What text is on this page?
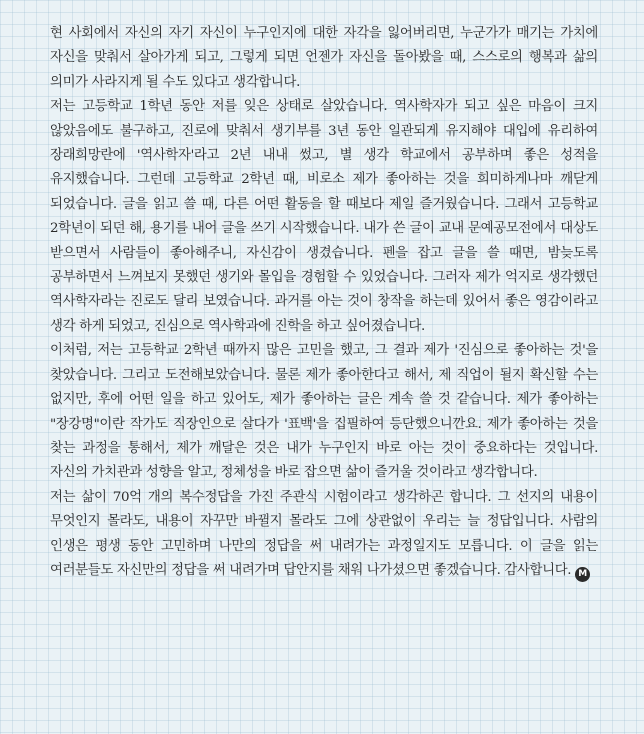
현 사회에서 자신의 자기 자신이 누구인지에 대한 자각을 잃어버리면, 누군가가 매기는 가치에 자신을 맞춰서 살아가게 되고, 그렇게 되면 언젠가 자신을 돌아봤을 때, 스스로의 행복과 삶의 의미가 사라지게 될 수도 있다고 생각합니다.

저는 고등학교 1학년 동안 저를 잊은 상태로 살았습니다. 역사학자가 되고 싶은 마음이 크지 않았음에도 불구하고, 진로에 맞춰서 생기부를 3년 동안 일관되게 유지해야 대입에 유리하여 장래희망란에 '역사학자'라고 2년 내내 썼고, 별 생각 학교에서 공부하며 좋은 성적을 유지했습니다. 그런데 고등학교 2학년 때, 비로소 제가 좋아하는 것을 희미하게나마 깨닫게 되었습니다. 글을 읽고 쓸 때, 다른 어떤 활동을 할 때보다 제일 즐거웠습니다. 그래서 고등학교 2학년이 되던 해, 용기를 내어 글을 쓰기 시작했습니다. 내가 쓴 글이 교내 문예공모전에서 대상도 받으면서 사람들이 좋아해주니, 자신감이 생겼습니다. 펜을 잡고 글을 쓸 때면, 밤늦도록 공부하면서 느껴보지 못했던 생기와 몰입을 경험할 수 있었습니다. 그러자 제가 억지로 생각했던 역사학자라는 진로도 달리 보였습니다. 과거를 아는 것이 창작을 하는데 있어서 좋은 영감이라고 생각 하게 되었고, 진심으로 역사학과에 진학을 하고 싶어졌습니다.

이처럼, 저는 고등학교 2학년 때까지 많은 고민을 했고, 그 결과 제가 '진심으로 좋아하는 것'을 찾았습니다. 그리고 도전해보았습니다. 물론 제가 좋아한다고 해서, 제 직업이 될지 확신할 수는 없지만, 후에 어떤 일을 하고 있어도, 제가 좋아하는 글은 계속 쓸 것 같습니다. 제가 좋아하는 "장강명"이란 작가도 직장인으로 살다가 '표백'을 집필하여 등단했으니깐요. 제가 좋아하는 것을 찾는 과정을 통해서, 제가 깨달은 것은 내가 누구인지 바로 아는 것이 중요하다는 것입니다. 자신의 가치관과 성향을 알고, 정체성을 바로 잡으면 삶이 즐거울 것이라고 생각합니다.

저는 삶이 70억 개의 복수정답을 가진 주관식 시험이라고 생각하곤 합니다. 그 선지의 내용이 무엇인지 몰라도, 내용이 자꾸만 바뀔지 몰라도 그에 상관없이 우리는 늘 정답입니다. 사람의 인생은 평생 동안 고민하며 나만의 정답을 써 내려가는 과정일지도 모릅니다. 이 글을 읽는 여러분들도 자신만의 정답을 써 내려가며 답안지를 채워 나가셨으면 좋겠습니다. 감사합니다. M
